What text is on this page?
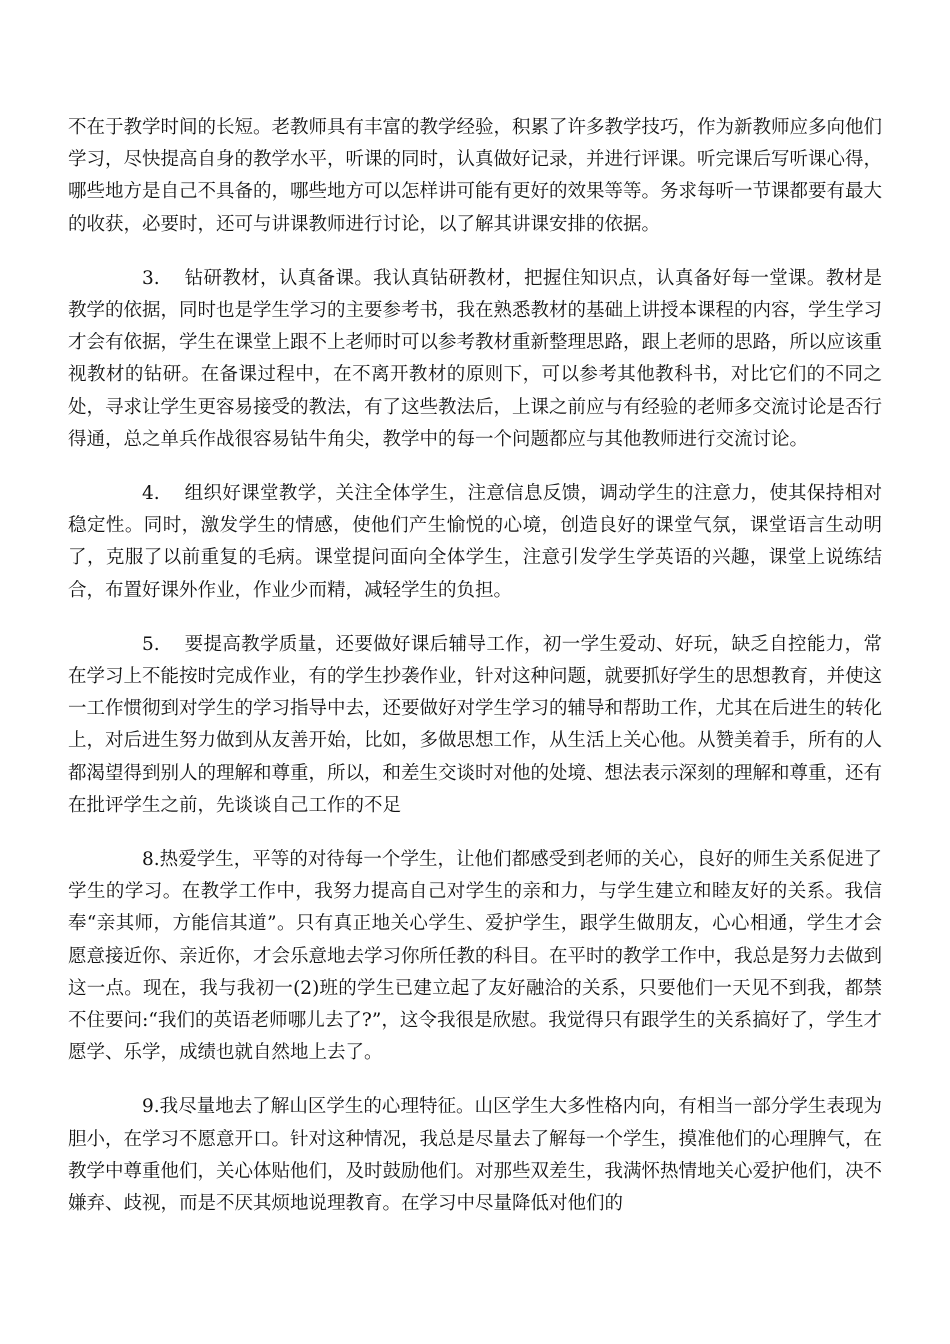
不在于教学时间的长短。老教师具有丰富的教学经验，积累了许多教学技巧，作为新教师应多向他们学习，尽快提高自身的教学水平，听课的同时，认真做好记录，并进行评课。听完课后写听课心得，哪些地方是自己不具备的，哪些地方可以怎样讲可能有更好的效果等等。务求每听一节课都要有最大的收获，必要时，还可与讲课教师进行讨论，以了解其讲课安排的依据。

3. 钻研教材，认真备课。我认真钻研教材，把握住知识点，认真备好每一堂课。教材是教学的依据，同时也是学生学习的主要参考书，我在熟悉教材的基础上讲授本课程的内容，学生学习才会有依据，学生在课堂上跟不上老师时可以参考教材重新整理思路，跟上老师的思路，所以应该重视教材的钻研。在备课过程中，在不离开教材的原则下，可以参考其他教科书，对比它们的不同之处，寻求让学生更容易接受的教法，有了这些教法后，上课之前应与有经验的老师多交流讨论是否行得通，总之单兵作战很容易钻牛角尖，教学中的每一个问题都应与其他教师进行交流讨论。

4. 组织好课堂教学，关注全体学生，注意信息反馈，调动学生的注意力，使其保持相对稳定性。同时，激发学生的情感，使他们产生愉悦的心境，创造良好的课堂气氛，课堂语言生动明了，克服了以前重复的毛病。课堂提问面向全体学生，注意引发学生学英语的兴趣，课堂上说练结合，布置好课外作业，作业少而精，减轻学生的负担。

5. 要提高教学质量，还要做好课后辅导工作，初一学生爱动、好玩，缺乏自控能力，常在学习上不能按时完成作业，有的学生抄袭作业，针对这种问题，就要抓好学生的思想教育，并使这一工作惯彻到对学生的学习指导中去，还要做好对学生学习的辅导和帮助工作，尤其在后进生的转化上，对后进生努力做到从友善开始，比如，多做思想工作，从生活上关心他。从赞美着手，所有的人都渴望得到别人的理解和尊重，所以，和差生交谈时对他的处境、想法表示深刻的理解和尊重，还有在批评学生之前，先谈谈自己工作的不足

8.热爱学生，平等的对待每一个学生，让他们都感受到老师的关心，良好的师生关系促进了学生的学习。在教学工作中，我努力提高自己对学生的亲和力，与学生建立和睦友好的关系。我信奉“亲其师，方能信其道”。只有真正地关心学生、爱护学生，跟学生做朋友，心心相通，学生才会愿意接近你、亲近你，才会乐意地去学习你所任教的科目。在平时的教学工作中，我总是努力去做到这一点。现在，我与我初一(2)班的学生已建立起了友好融洽的关系，只要他们一天见不到我，都禁不住要问:“我们的英语老师哪儿去了?”，这令我很是欣慰。我觉得只有跟学生的关系搞好了，学生才愿学、乐学，成绩也就自然地上去了。

9.我尽量地去了解山区学生的心理特征。山区学生大多性格内向，有相当一部分学生表现为胆小，在学习不愿意开口。针对这种情况，我总是尽量去了解每一个学生，摸准他们的心理脾气，在教学中尊重他们，关心体贴他们，及时鼓励他们。对那些双差生，我满怀热情地关心爱护他们，决不嫌弃、歧视，而是不厌其烦地说理教育。在学习中尽量降低对他们的
